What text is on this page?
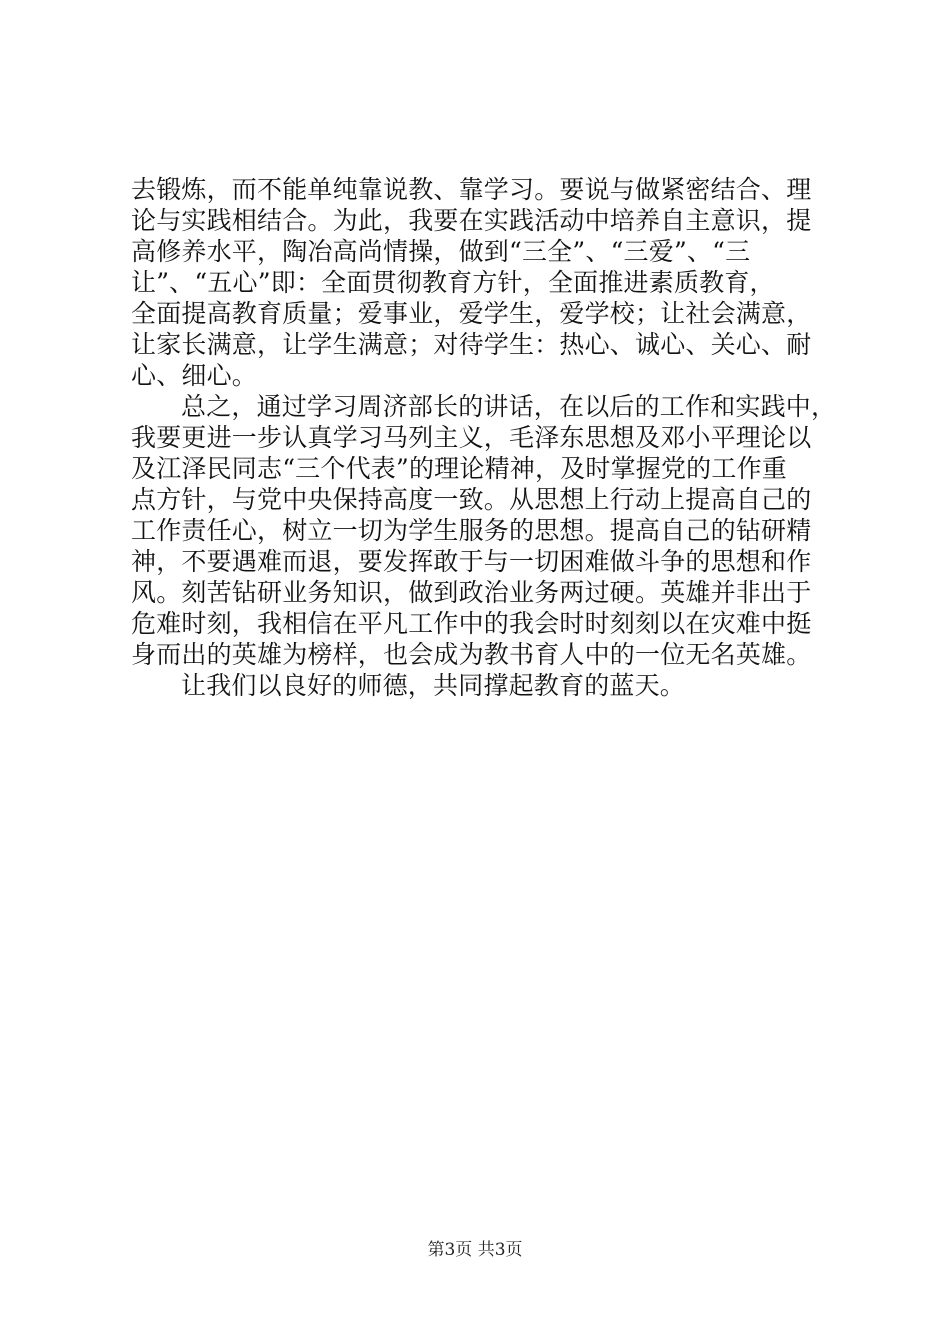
去锻炼，而不能单纯靠说教、靠学习。要说与做紧密结合、理
论与实践相结合。为此，我要在实践活动中培养自主意识，提
高修养水平，陶冶高尚情操，做到“三全”、“三爱”、“三
让”、“五心”即：全面贯彻教育方针，全面推进素质教育，
全面提高教育质量；爱事业，爱学生，爱学校；让社会满意，
让家长满意，让学生满意；对待学生：热心、诚心、关心、耐
心、细心。
总之，通过学习周济部长的讲话，在以后的工作和实践中，
我要更进一步认真学习马列主义，毛泽东思想及邓小平理论以
及江泽民同志“三个代表”的理论精神，及时掌握党的工作重
点方针，与党中央保持高度一致。从思想上行动上提高自己的
工作责任心，树立一切为学生服务的思想。提高自己的钻研精
神，不要遇难而退，要发挥敢于与一切困难做斗争的思想和作
风。刻苦钻研业务知识，做到政治业务两过硬。英雄并非出于
危难时刻，我相信在平凡工作中的我会时时刻刻以在灾难中挺
身而出的英雄为榜样，也会成为教书育人中的一位无名英雄。
让我们以良好的师德，共同撑起教育的蓝天。
第3页 共3页
